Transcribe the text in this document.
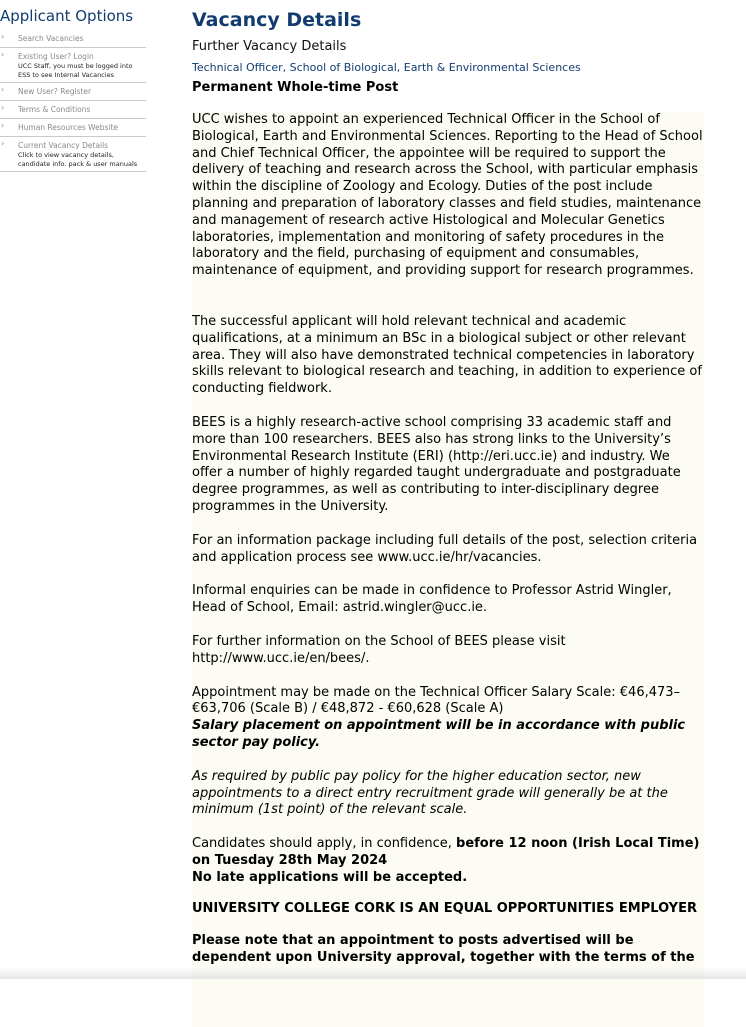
Applicant Options
› Search Vacancies
› Existing User? Login
UCC Staff, you must be logged into ESS to see Internal Vacancies
› New User? Register
› Terms & Conditions
› Human Resources Website
› Current Vacancy Details
Click to view vacancy details, candidate info. pack & user manuals
Vacancy Details
Further Vacancy Details
Technical Officer, School of Biological, Earth & Environmental Sciences
Permanent Whole-time Post

UCC wishes to appoint an experienced Technical Officer in the School of Biological, Earth and Environmental Sciences. Reporting to the Head of School and Chief Technical Officer, the appointee will be required to support the delivery of teaching and research across the School, with particular emphasis within the discipline of Zoology and Ecology. Duties of the post include planning and preparation of laboratory classes and field studies, maintenance and management of research active Histological and Molecular Genetics laboratories, implementation and monitoring of safety procedures in the laboratory and the field, purchasing of equipment and consumables, maintenance of equipment, and providing support for research programmes.

The successful applicant will hold relevant technical and academic qualifications, at a minimum an BSc in a biological subject or other relevant area. They will also have demonstrated technical competencies in laboratory skills relevant to biological research and teaching, in addition to experience of conducting fieldwork.

BEES is a highly research-active school comprising 33 academic staff and more than 100 researchers. BEES also has strong links to the University’s Environmental Research Institute (ERI) (http://eri.ucc.ie) and industry. We offer a number of highly regarded taught undergraduate and postgraduate degree programmes, as well as contributing to inter-disciplinary degree programmes in the University.

For an information package including full details of the post, selection criteria and application process see www.ucc.ie/hr/vacancies.

Informal enquiries can be made in confidence to Professor Astrid Wingler, Head of School, Email: astrid.wingler@ucc.ie.

For further information on the School of BEES please visit http://www.ucc.ie/en/bees/.

Appointment may be made on the Technical Officer Salary Scale: €46,473– €63,706 (Scale B) / €48,872 - €60,628 (Scale A)

Salary placement on appointment will be in accordance with public sector pay policy.

As required by public pay policy for the higher education sector, new appointments to a direct entry recruitment grade will generally be at the minimum (1st point) of the relevant scale.

Candidates should apply, in confidence, before 12 noon (Irish Local Time) on Tuesday 28th May 2024

No late applications will be accepted.

UNIVERSITY COLLEGE CORK IS AN EQUAL OPPORTUNITIES EMPLOYER

Please note that an appointment to posts advertised will be dependent upon University approval, together with the terms of the
